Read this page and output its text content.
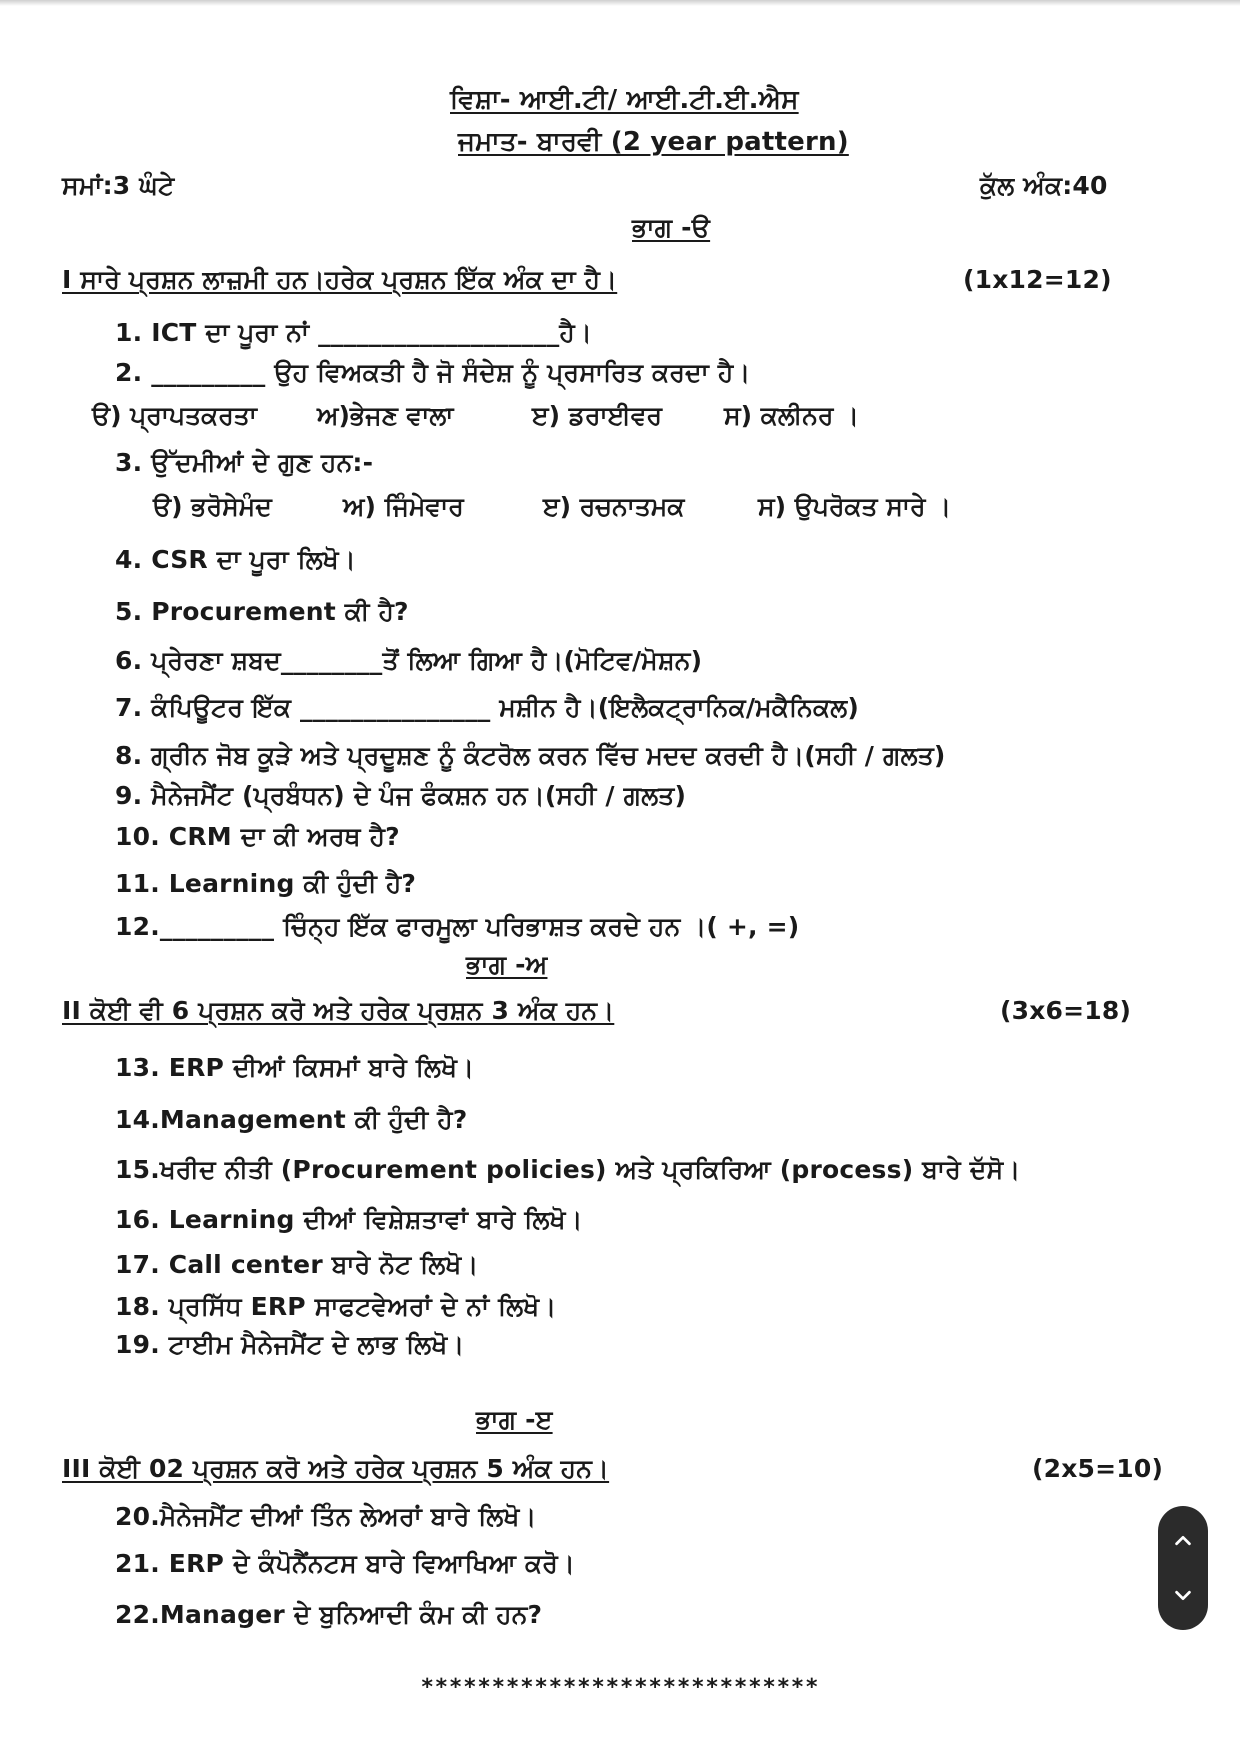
ਵਿਸ਼ਾ- ਆਈ.ਟੀ/ ਆਈ.ਟੀ.ਈ.ਐਸ
ਜਮਾਤ- ਬਾਰਵੀ (2 year pattern)
ਸਮਾਂ:3 ਘੰਟੇ	ਕੁੱਲ ਅੰਕ:40
ਭਾਗ -ੳ
I ਸਾਰੇ ਪ੍ਰਸ਼ਨ ਲਾਜ਼ਮੀ ਹਨ।ਹਰੇਕ ਪ੍ਰਸ਼ਨ ਇੱਕ ਅੰਕ ਦਾ ਹੈ।	(1x12=12)
1. ICT ਦਾ ਪੂਰਾ ਨਾਂ ___________________ਹੈ।
2. _________ ਉਹ ਵਿਅਕਤੀ ਹੈ ਜੋ ਸੰਦੇਸ਼ ਨੂੰ ਪ੍ਰਸਾਰਿਤ ਕਰਦਾ ਹੈ।
ੳ) ਪ੍ਰਾਪਤਕਰਤਾ ਅ)ਭੇਜਣ ਵਾਲਾ	ੲ) ਡਰਾਈਵਰ ਸ) ਕਲੀਨਰ ।
3. ਉੱਦਮੀਆਂ ਦੇ ਗੁਣ ਹਨ:-
ੳ) ਭਰੋਸੇਮੰਦ	ਅ) ਜਿੰਮੇਵਾਰ	ੲ) ਰਚਨਾਤਮਕ	ਸ) ਉਪਰੋਕਤ ਸਾਰੇ ।
4. CSR ਦਾ ਪੂਰਾ ਲਿਖੋ।
5. Procurement ਕੀ ਹੈ?
6. ਪ੍ਰੇਰਣਾ ਸ਼ਬਦ________ਤੋਂ ਲਿਆ ਗਿਆ ਹੈ।(ਮੋਟਿਵ/ਮੋਸ਼ਨ)
7. ਕੰਪਿਊਟਰ ਇੱਕ _______________ ਮਸ਼ੀਨ ਹੈ।(ਇਲੈਕਟ੍ਰਾਨਿਕ/ਮਕੈਨਿਕਲ)
8. ਗ੍ਰੀਨ ਜੋਬ ਕੂੜੇ ਅਤੇ ਪ੍ਰਦੂਸ਼ਣ ਨੂੰ ਕੰਟਰੋਲ ਕਰਨ ਵਿੱਚ ਮਦਦ ਕਰਦੀ ਹੈ।(ਸਹੀ / ਗਲਤ)
9. ਮੈਨੇਜਮੈਂਟ (ਪ੍ਰਬੰਧਨ) ਦੇ ਪੰਜ ਫੰਕਸ਼ਨ ਹਨ।(ਸਹੀ / ਗਲਤ)
10. CRM ਦਾ ਕੀ ਅਰਥ ਹੈ?
11. Learning ਕੀ ਹੁੰਦੀ ਹੈ?
12._________ ਚਿੰਨ੍ਹ ਇੱਕ ਫਾਰਮੂਲਾ ਪਰਿਭਾਸ਼ਤ ਕਰਦੇ ਹਨ ।( +, =)
ਭਾਗ -ਅ
II ਕੋਈ ਵੀ 6 ਪ੍ਰਸ਼ਨ ਕਰੋ ਅਤੇ ਹਰੇਕ ਪ੍ਰਸ਼ਨ 3 ਅੰਕ ਹਨ।	(3x6=18)
13. ERP ਦੀਆਂ ਕਿਸਮਾਂ ਬਾਰੇ ਲਿਖੋ।
14.Management ਕੀ ਹੁੰਦੀ ਹੈ?
15.ਖਰੀਦ ਨੀਤੀ (Procurement policies) ਅਤੇ ਪ੍ਰਕਿਰਿਆ (process) ਬਾਰੇ ਦੱਸੋ।
16. Learning ਦੀਆਂ ਵਿਸ਼ੇਸ਼ਤਾਵਾਂ ਬਾਰੇ ਲਿਖੋ।
17. Call center ਬਾਰੇ ਨੋਟ ਲਿਖੋ।
18. ਪ੍ਰਸਿੱਧ ERP ਸਾਫਟਵੇਅਰਾਂ ਦੇ ਨਾਂ ਲਿਖੋ।
19. ਟਾਈਮ ਮੈਨੇਜਮੈਂਟ ਦੇ ਲਾਭ ਲਿਖੋ।
ਭਾਗ -ੲ
III ਕੋਈ 02 ਪ੍ਰਸ਼ਨ ਕਰੋ ਅਤੇ ਹਰੇਕ ਪ੍ਰਸ਼ਨ 5 ਅੰਕ ਹਨ।	(2x5=10)
20.ਮੈਨੇਜਮੈਂਟ ਦੀਆਂ ਤਿੰਨ ਲੇਅਰਾਂ ਬਾਰੇ ਲਿਖੋ।
21. ERP ਦੇ ਕੰਪੋਨੈਂਨਟਸ ਬਾਰੇ ਵਿਆਖਿਆ ਕਰੋ।
22.Manager ਦੇ ਬੁਨਿਆਦੀ ਕੰਮ ਕੀ ਹਨ?
****************************
